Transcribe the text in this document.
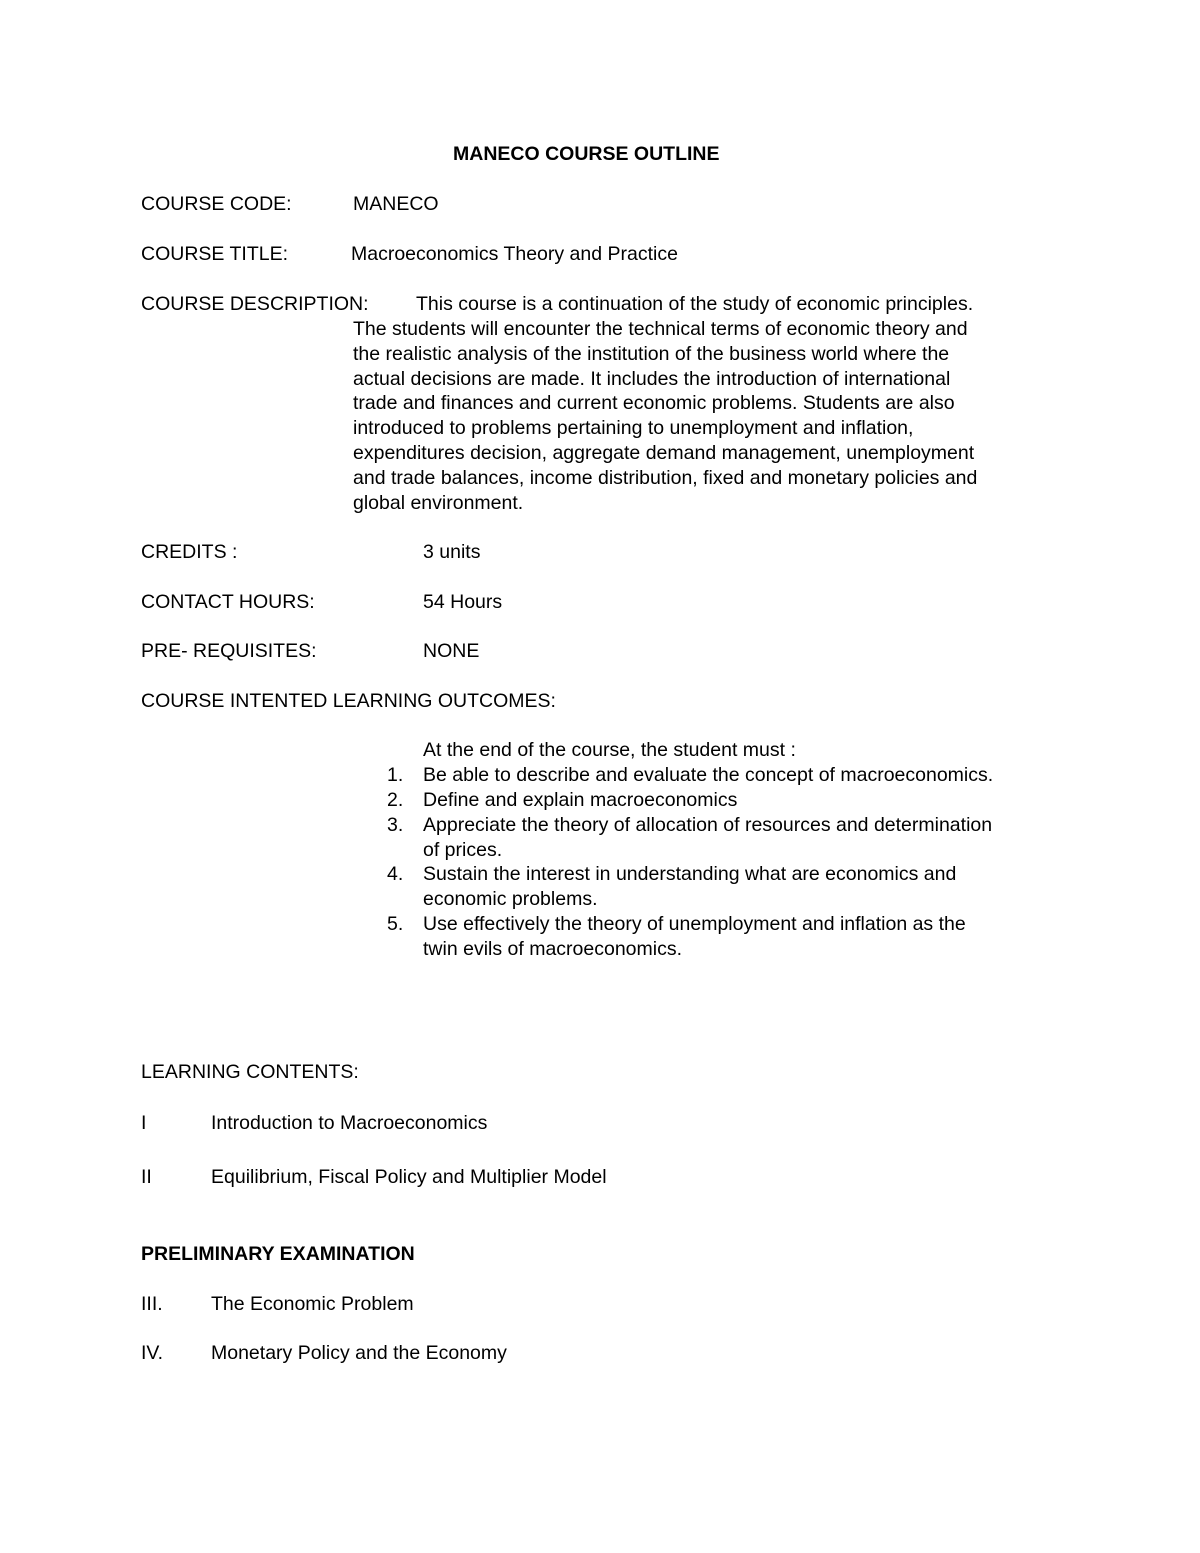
MANECO COURSE OUTLINE
COURSE CODE:	MANECO
COURSE TITLE:	Macroeconomics Theory and Practice
COURSE DESCRIPTION: This course is a continuation of the study of economic principles.
The students will encounter the technical terms of economic theory and
the realistic analysis of the institution of the business world where the
actual decisions are made. It includes the introduction of international
trade and finances and current economic problems. Students are also
introduced to problems pertaining to unemployment and inflation,
expenditures decision, aggregate demand management, unemployment
and trade balances, income distribution, fixed and monetary policies and
global environment.
CREDITS :	3 units
CONTACT HOURS:	54 Hours
PRE- REQUISITES:	NONE
COURSE INTENTED LEARNING OUTCOMES:
At the end of the course, the student must :
1. Be able to describe and evaluate the concept of macroeconomics.
2. Define and explain macroeconomics
3. Appreciate the theory of allocation of resources and determination
of prices.
4. Sustain the interest in understanding what are economics and
economic problems.
5. Use effectively the theory of unemployment and inflation as the
twin evils of macroeconomics.
LEARNING CONTENTS:
I	Introduction to Macroeconomics
II	Equilibrium, Fiscal Policy and Multiplier Model
PRELIMINARY EXAMINATION
III. The Economic Problem
IV. Monetary Policy and the Economy
